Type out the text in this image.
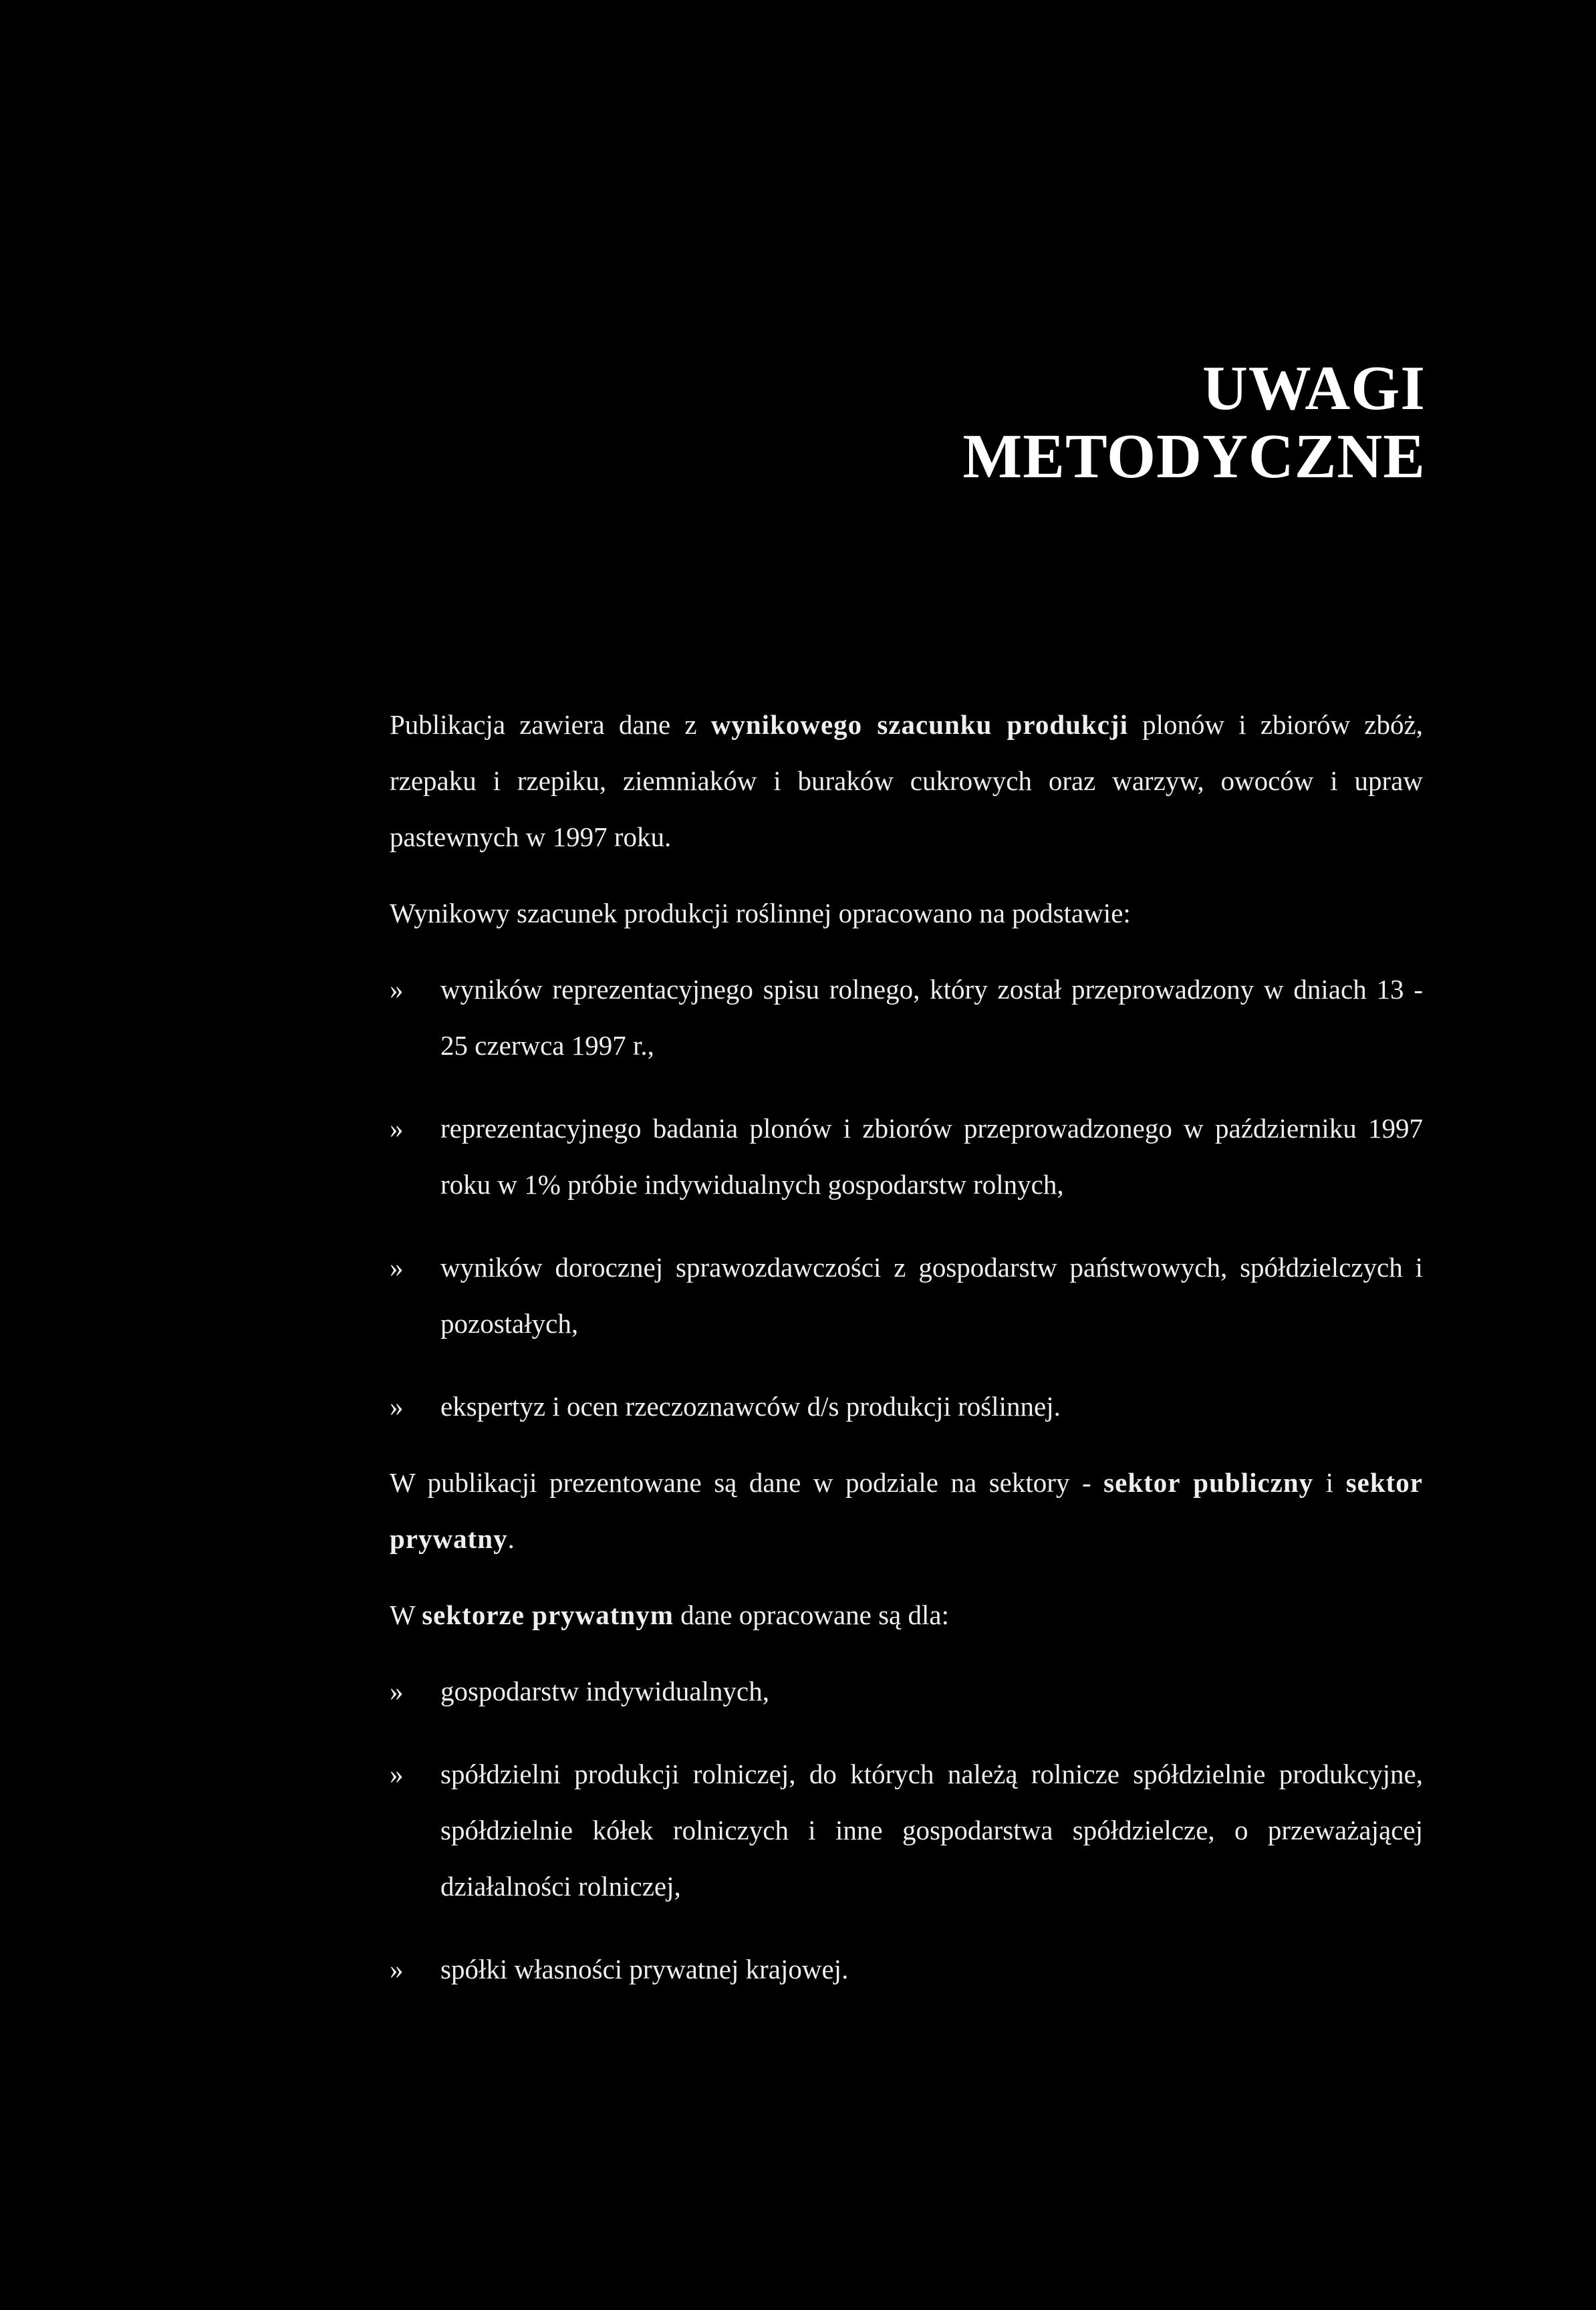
UWAGI
METODYCZNE

Publikacja zawiera dane z wynikowego szacunku produkcji plonów i zbiorów zbóż, rzepaku i rzepiku, ziemniaków i buraków cukrowych oraz warzyw, owoców i upraw pastewnych w 1997 roku.

Wynikowy szacunek produkcji roślinnej opracowano na podstawie:

» wyników reprezentacyjnego spisu rolnego, który został przeprowadzony w dniach 13 - 25 czerwca 1997 r.,

» reprezentacyjnego badania plonów i zbiorów przeprowadzonego w październiku 1997 roku w 1% próbie indywidualnych gospodarstw rolnych,

» wyników dorocznej sprawozdawczości z gospodarstw państwowych, spółdzielczych i pozostałych,

» ekspertyz i ocen rzeczoznawców d/s produkcji roślinnej.

W publikacji prezentowane są dane w podziale na sektory - sektor publiczny i sektor prywatny.

W sektorze prywatnym dane opracowane są dla:

» gospodarstw indywidualnych,

» spółdzielni produkcji rolniczej, do których należą rolnicze spółdzielnie produkcyjne, spółdzielnie kółek rolniczych i inne gospodarstwa spółdzielcze, o przeważającej działalności rolniczej,

» spółki własności prywatnej krajowej.
